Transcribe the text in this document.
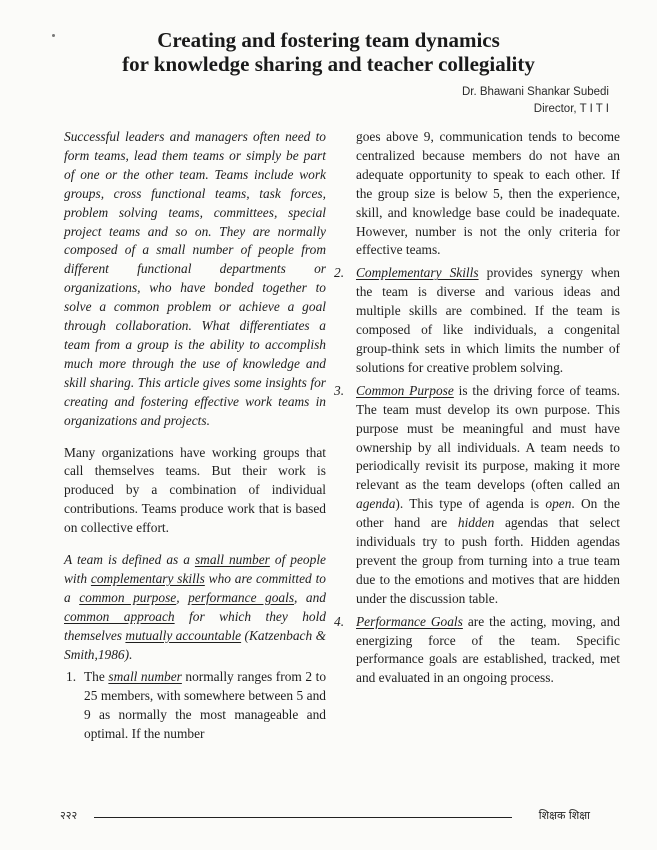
Creating and fostering team dynamics
for knowledge sharing and teacher collegiality
Dr. Bhawani Shankar Subedi
Director, T I T I

Successful leaders and managers often need to form teams, lead them teams or simply be part of one or the other team. Teams include work groups, cross functional teams, task forces, problem solving teams, committees, special project teams and so on. They are normally composed of a small number of people from different functional departments or organizations, who have bonded together to solve a common problem or achieve a goal through collaboration. What differentiates a team from a group is the ability to accomplish much more through the use of knowledge and skill sharing. This article gives some insights for creating and fostering effective work teams in organizations and projects.

Many organizations have working groups that call themselves teams. But their work is produced by a combination of individual contributions. Teams produce work that is based on collective effort.

A team is defined as a small number of people with complementary skills who are committed to a common purpose, performance goals, and common approach for which they hold themselves mutually accountable (Katzenbach & Smith,1986).

1. The small number normally ranges from 2 to 25 members, with somewhere between 5 and 9 as normally the most manageable and optimal. If the number

goes above 9, communication tends to become centralized because members do not have an adequate opportunity to speak to each other. If the group size is below 5, then the experience, skill, and knowledge base could be inadequate. However, number is not the only criteria for effective teams.

2. Complementary Skills provides synergy when the team is diverse and various ideas and multiple skills are combined. If the team is composed of like individuals, a congenital group-think sets in which limits the number of solutions for creative problem solving.

3. Common Purpose is the driving force of teams. The team must develop its own purpose. This purpose must be meaningful and must have ownership by all individuals. A team needs to periodically revisit its purpose, making it more relevant as the team develops (often called an agenda). This type of agenda is open. On the other hand are hidden agendas that select individuals try to push forth. Hidden agendas prevent the group from turning into a true team due to the emotions and motives that are hidden under the discussion table.

4. Performance Goals are the acting, moving, and energizing force of the team. Specific performance goals are established, tracked, met and evaluated in an ongoing process.

२२२	शिक्षक शिक्षा
